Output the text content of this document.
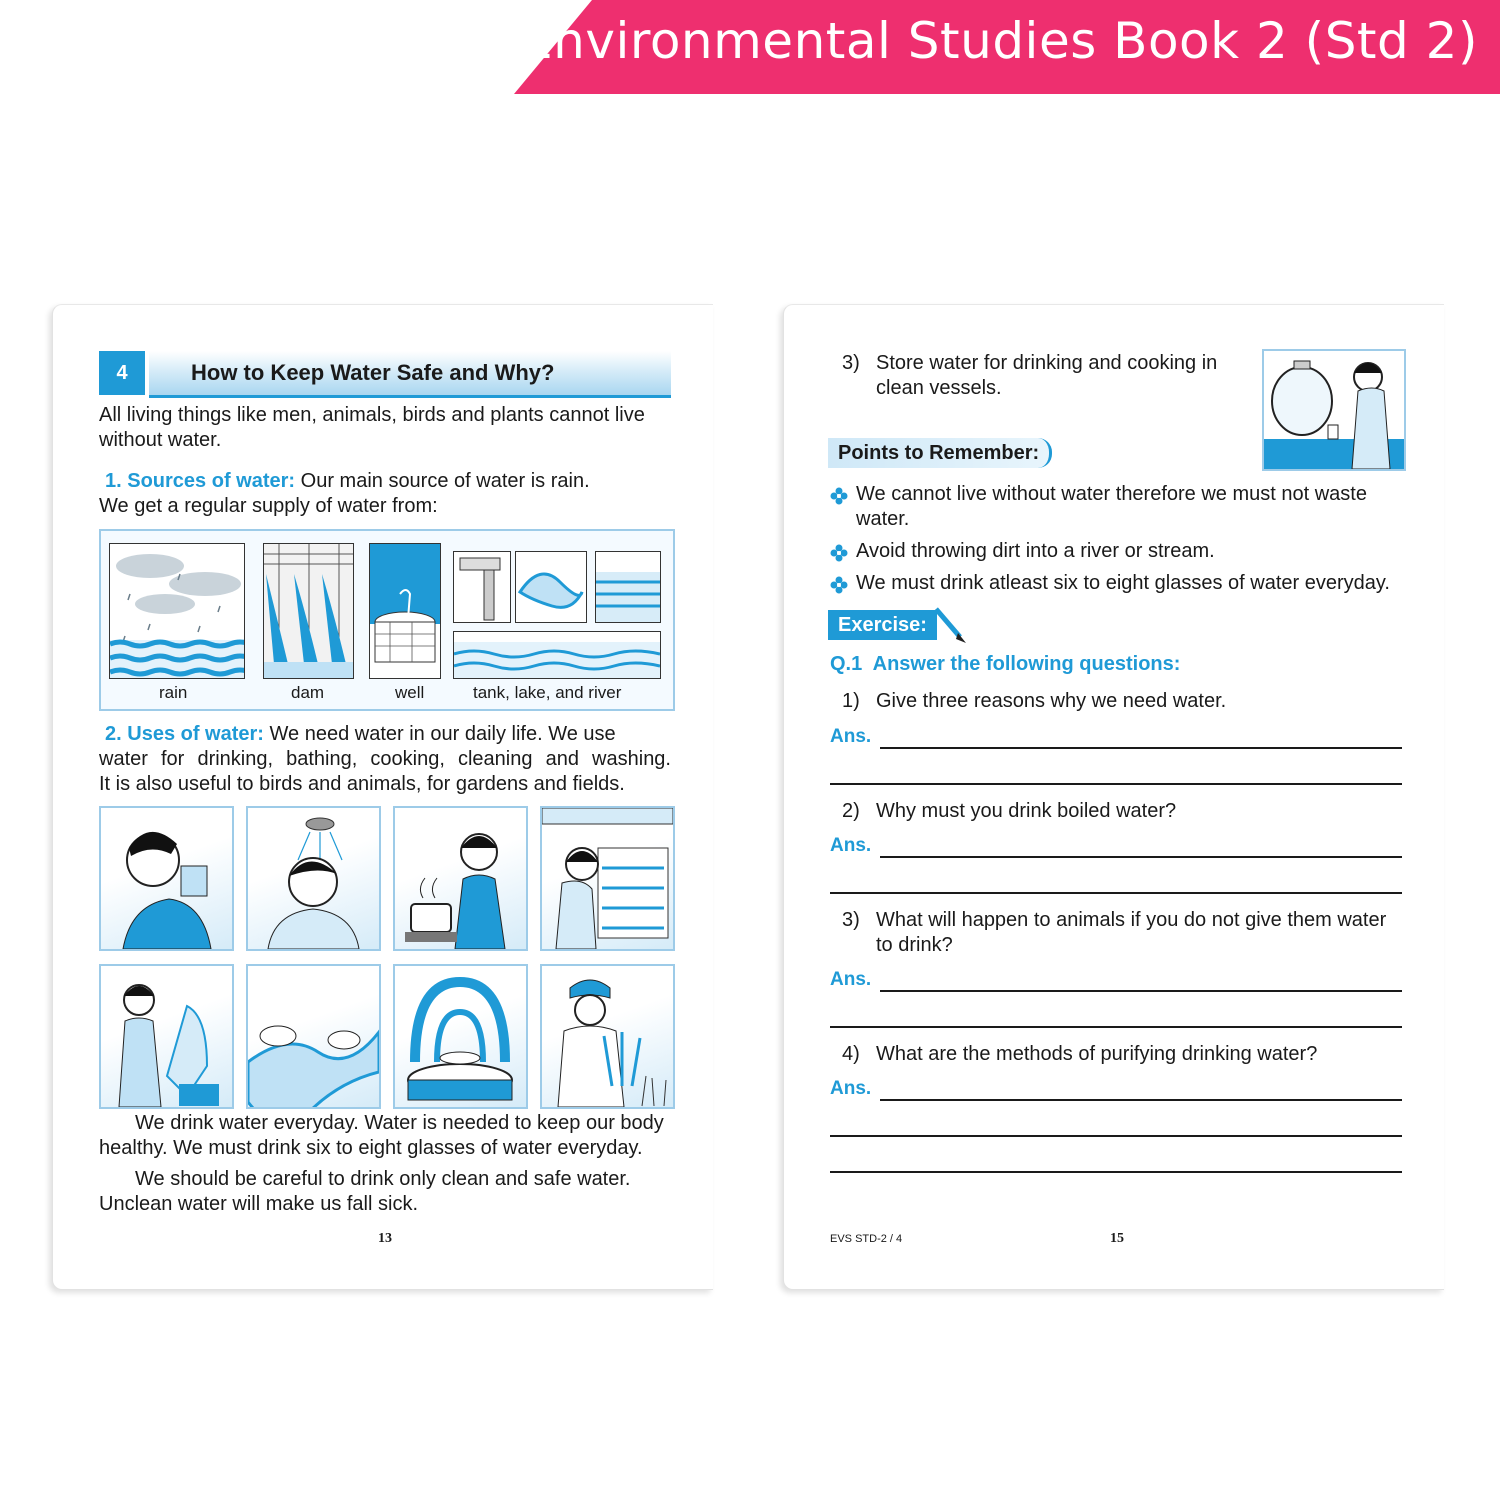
Environmental Studies Book 2 (Std 2)
4	How to Keep Water Safe and Why?
All living things like men, animals, birds and plants cannot live
without water.
1. Sources of water: Our main source of water is rain.
We get a regular supply of water from:
rain	dam	well	tank, lake, and river
2. Uses of water: We need water in our daily life. We use
water for drinking, bathing, cooking, cleaning and washing.
It is also useful to birds and animals, for gardens and fields.
We drink water everyday. Water is needed to keep our body
healthy. We must drink six to eight glasses of water everyday.
We should be careful to drink only clean and safe water.
Unclean water will make us fall sick.
13
3) Store water for drinking and cooking in
clean vessels.
Points to Remember:
We cannot live without water therefore we must not waste
water.
Avoid throwing dirt into a river or stream.
We must drink atleast six to eight glasses of water everyday.
Exercise:
Q.1 Answer the following questions:
1) Give three reasons why we need water.
Ans.
2) Why must you drink boiled water?
Ans.
3) What will happen to animals if you do not give them water
to drink?
Ans.
4) What are the methods of purifying drinking water?
Ans.
EVS STD-2 / 4	15
